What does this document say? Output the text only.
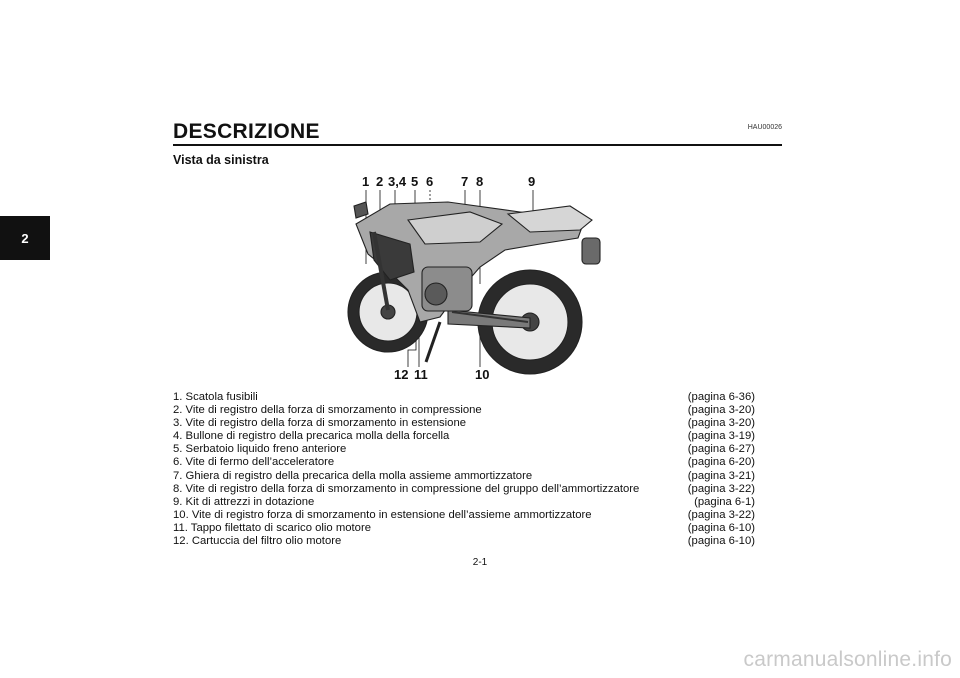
2
DESCRIZIONE	HAU00026
Vista da sinistra
1 2 3,4 5 6 7 8	9
12 11	10
1. Scatola fusibili	(pagina 6-36)
2. Vite di registro della forza di smorzamento in compressione	(pagina 3-20)
3. Vite di registro della forza di smorzamento in estensione	(pagina 3-20)
4. Bullone di registro della precarica molla della forcella	(pagina 3-19)
5. Serbatoio liquido freno anteriore	(pagina 6-27)
6. Vite di fermo dell’acceleratore	(pagina 6-20)
7. Ghiera di registro della precarica della molla assieme ammortizzatore	(pagina 3-21)
8. Vite di registro della forza di smorzamento in compressione del gruppo dell’ammortizzatore	(pagina 3-22)
9. Kit di attrezzi in dotazione	(pagina 6-1)
10. Vite di registro forza di smorzamento in estensione dell’assieme ammortizzatore	(pagina 3-22)
11. Tappo filettato di scarico olio motore	(pagina 6-10)
12. Cartuccia del filtro olio motore	(pagina 6-10)
2-1
carmanualsonline.info
